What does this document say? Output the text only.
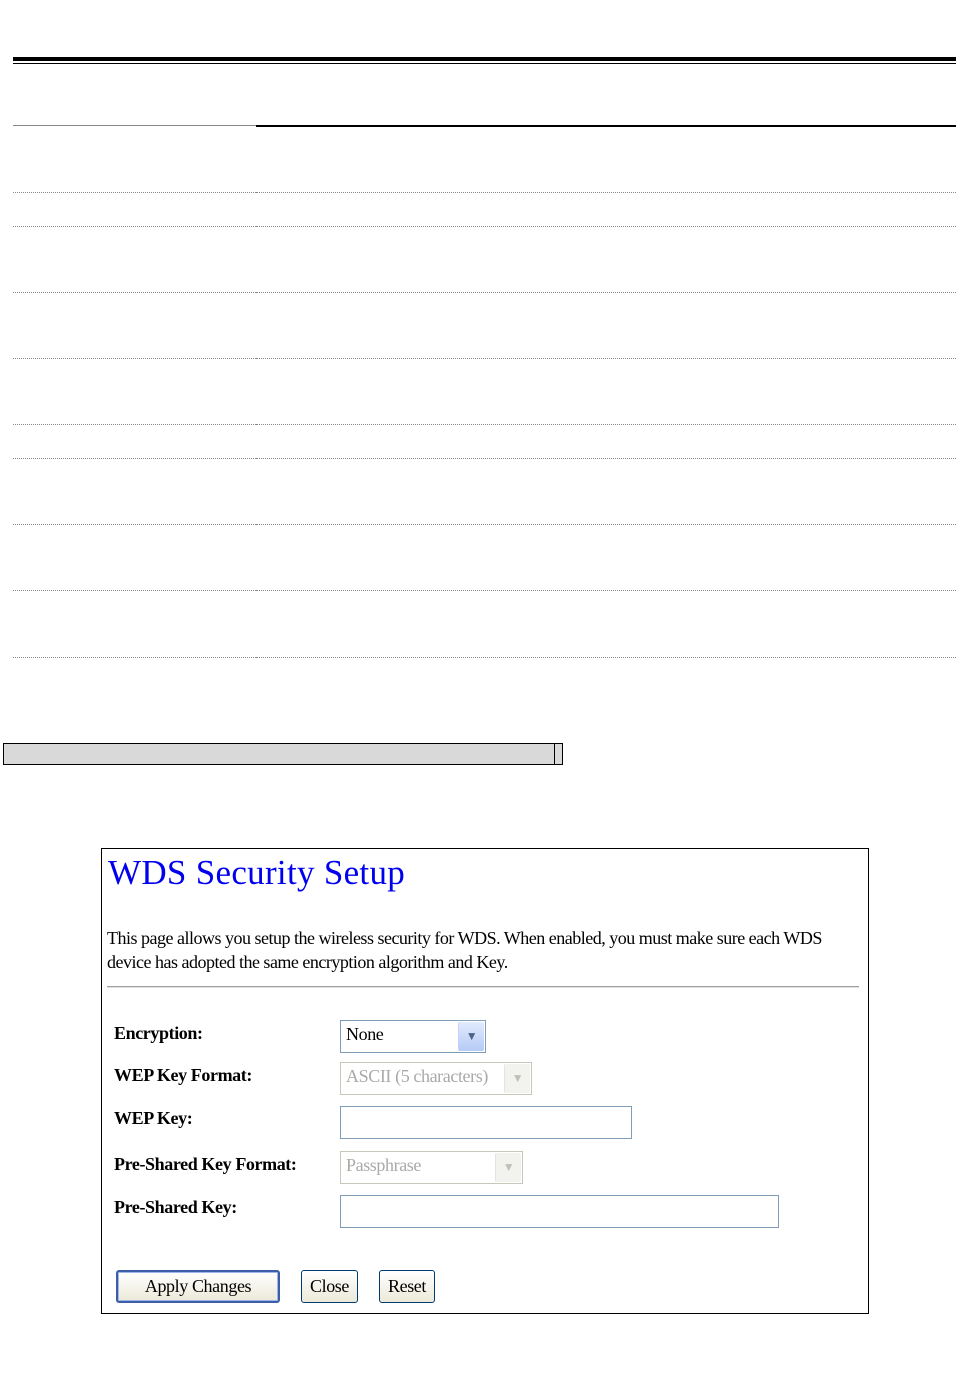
WDS Security Setup
This page allows you setup the wireless security for WDS. When enabled, you must make sure each WDS device has adopted the same encryption algorithm and Key.
Encryption:	None	▼
WEP Key Format:	ASCII (5 characters)	▼
WEP Key:
Pre-Shared Key Format:	Passphrase	▼
Pre-Shared Key:
Apply Changes	Close	Reset
